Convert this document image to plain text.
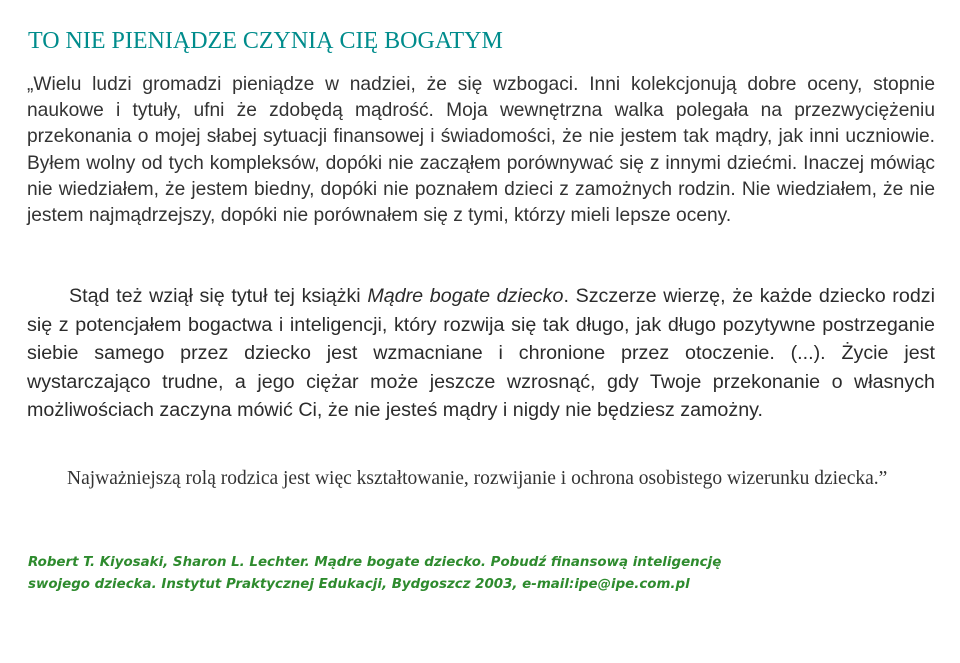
TO NIE PIENIĄDZE CZYNIĄ CIĘ BOGATYM

„Wielu ludzi gromadzi pieniądze w nadziei, że się wzbogaci. Inni kolekcjonują dobre oceny, stopnie naukowe i tytuły, ufni że zdobędą mądrość. Moja wewnętrzna walka polegała na przezwyciężeniu przekonania o mojej słabej sytuacji finansowej i świadomości, że nie jestem tak mądry, jak inni uczniowie. Byłem wolny od tych kompleksów, dopóki nie zacząłem porównywać się z innymi dziećmi. Inaczej mówiąc nie wiedziałem, że jestem biedny, dopóki nie poznałem dzieci z zamożnych rodzin. Nie wiedziałem, że nie jestem najmądrzejszy, dopóki nie porównałem się z tymi, którzy mieli lepsze oceny.

Stąd też wziął się tytuł tej książki Mądre bogate dziecko. Szczerze wierzę, że każde dziecko rodzi się z potencjałem bogactwa i inteligencji, który rozwija się tak długo, jak długo pozytywne postrzeganie siebie samego przez dziecko jest wzmacniane i chronione przez otoczenie. (...). Życie jest wystarczająco trudne, a jego ciężar może jeszcze wzrosnąć, gdy Twoje przekonanie o własnych możliwościach zaczyna mówić Ci, że nie jesteś mądry i nigdy nie będziesz zamożny.

Najważniejszą rolą rodzica jest więc kształtowanie, rozwijanie i ochrona osobistego wizerunku dziecka.”

Robert T. Kiyosaki, Sharon L. Lechter. Mądre bogate dziecko. Pobudź finansową inteligencję
swojego dziecka. Instytut Praktycznej Edukacji, Bydgoszcz 2003, e-mail:ipe@ipe.com.pl
